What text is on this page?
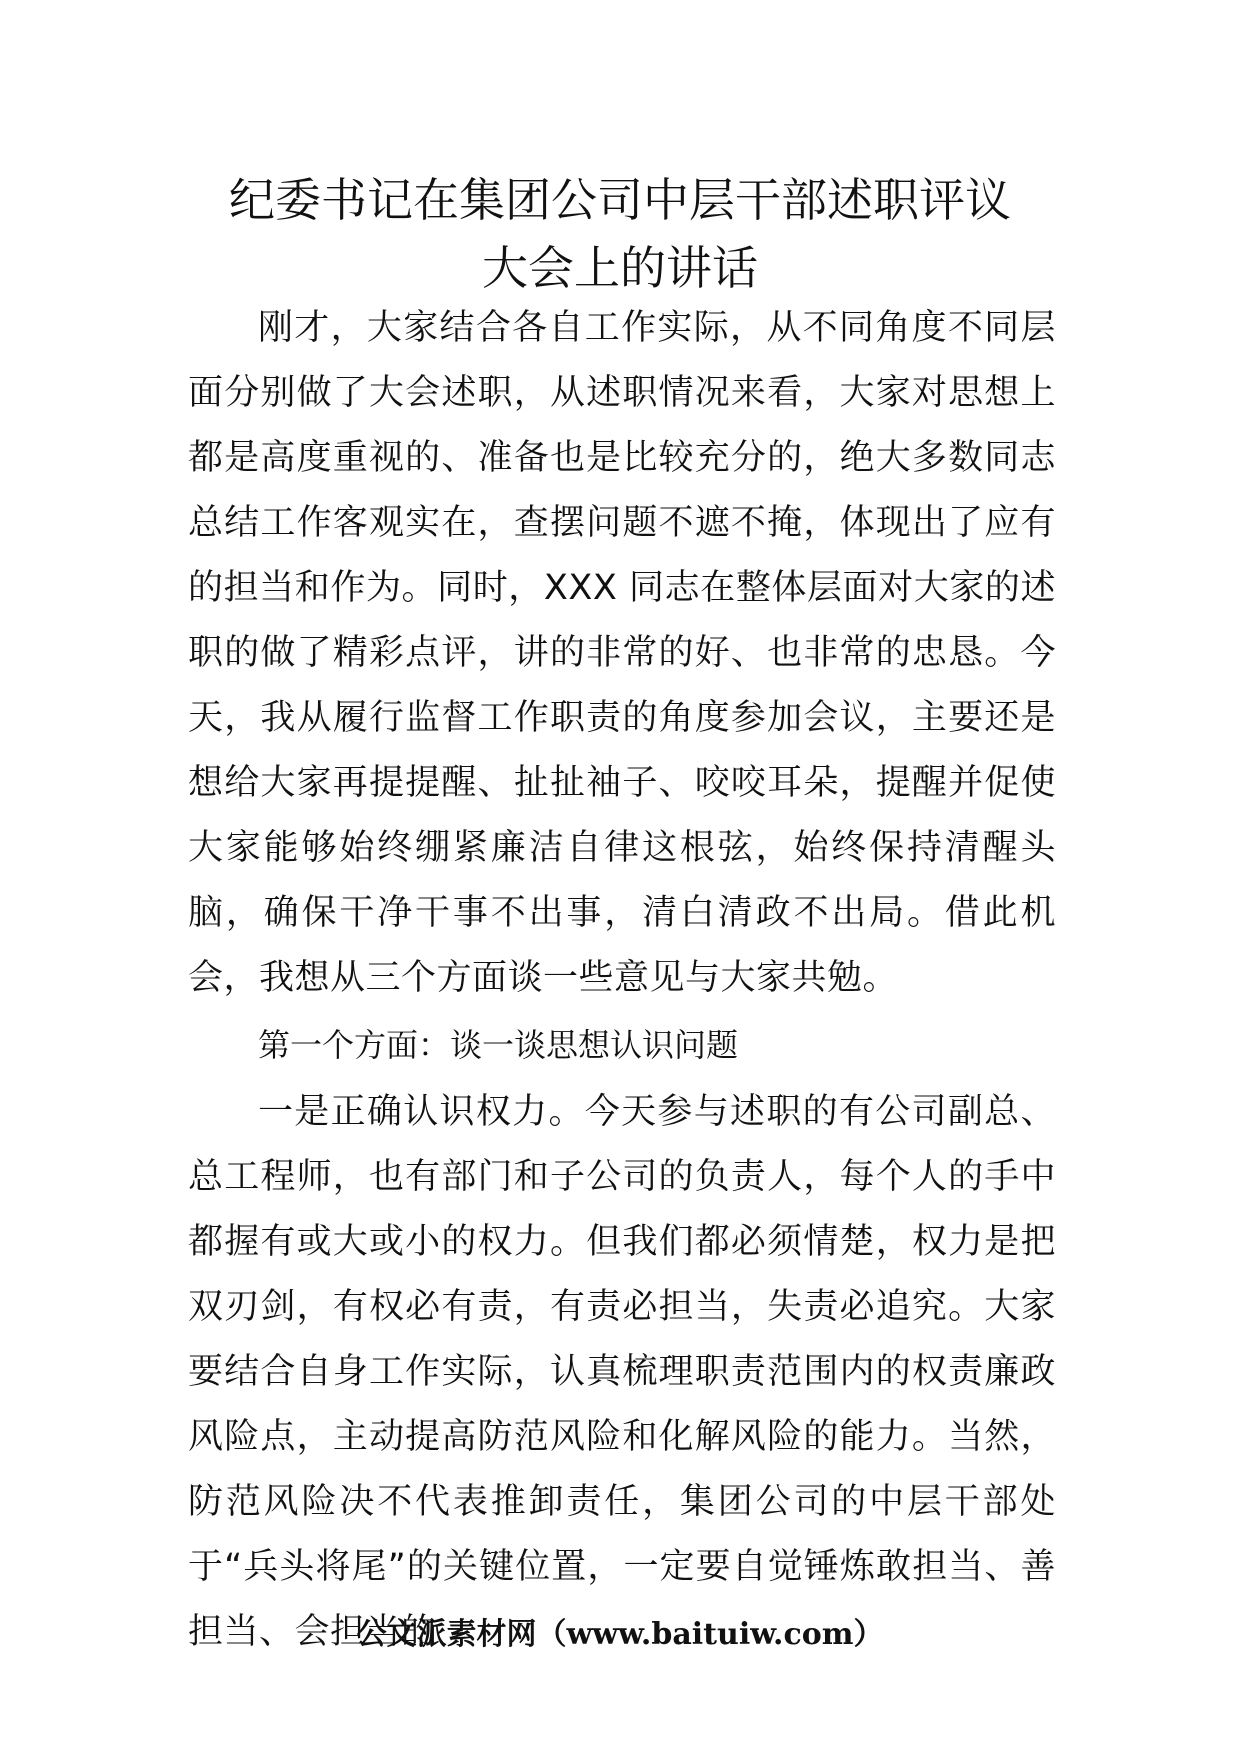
纪委书记在集团公司中层干部述职评议
大会上的讲话

刚才，大家结合各自工作实际，从不同角度不同层面分别做了大会述职，从述职情况来看，大家对思想上都是高度重视的、准备也是比较充分的，绝大多数同志总结工作客观实在，查摆问题不遮不掩，体现出了应有的担当和作为。同时，XXX 同志在整体层面对大家的述职的做了精彩点评，讲的非常的好、也非常的忠恳。今天，我从履行监督工作职责的角度参加会议，主要还是想给大家再提提醒、扯扯袖子、咬咬耳朵，提醒并促使大家能够始终绷紧廉洁自律这根弦，始终保持清醒头脑，确保干净干事不出事，清白清政不出局。借此机会，我想从三个方面谈一些意见与大家共勉。

第一个方面：谈一谈思想认识问题

一是正确认识权力。今天参与述职的有公司副总、总工程师，也有部门和子公司的负责人，每个人的手中都握有或大或小的权力。但我们都必须情楚，权力是把双刃剑，有权必有责，有责必担当，失责必追究。大家要结合自身工作实际，认真梳理职责范围内的权责廉政风险点，主动提高防范风险和化解风险的能力。当然，防范风险决不代表推卸责任，集团公司的中层干部处于“兵头将尾”的关键位置，一定要自觉锤炼敢担当、善担当、会担当的

公文派素材网（www.baituiw.com）
